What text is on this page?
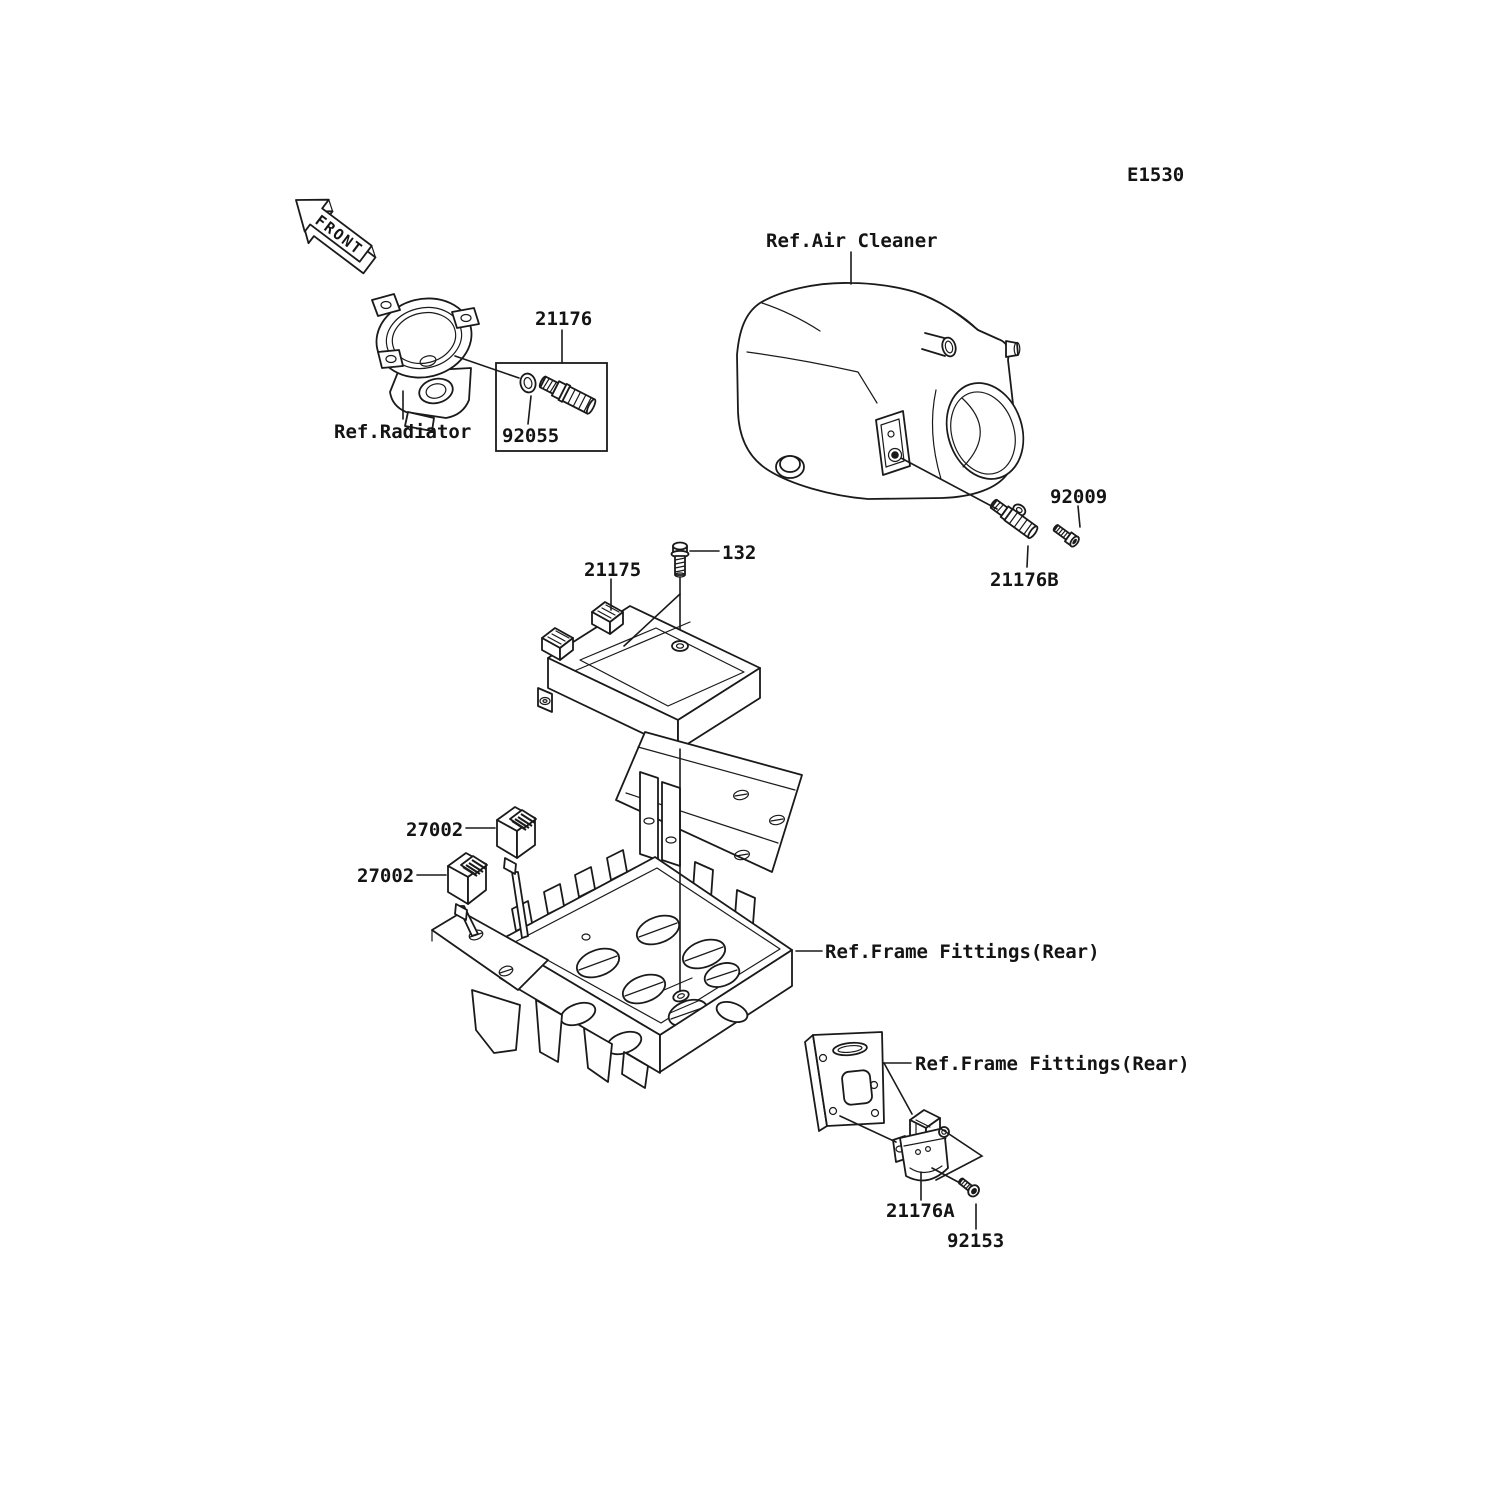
FRONT
E1530
Ref.Air Cleaner
21176
Ref.Radiator 92055
92009
21176B
132
21175
27002
27002
Ref.Frame Fittings(Rear)
Ref.Frame Fittings(Rear)
21176A
92153
